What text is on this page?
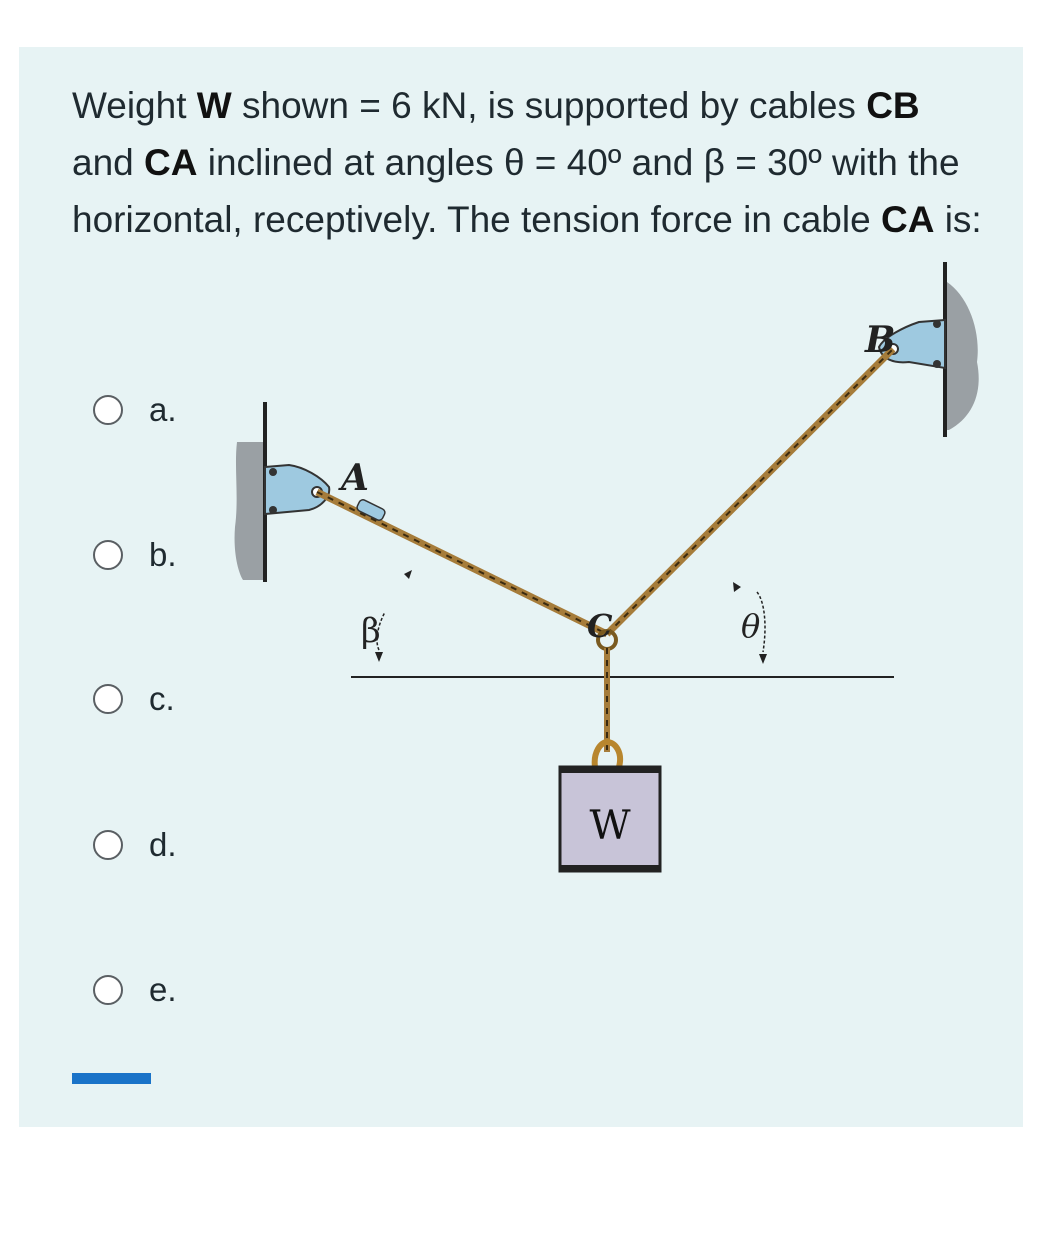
Weight W shown = 6 kN, is supported by cables CB and CA inclined at angles θ = 40º and β = 30º with the horizontal, receptively. The tension force in cable CA is:
W
A
B
C
β	θ
a.
b.
c.
d.
e.
